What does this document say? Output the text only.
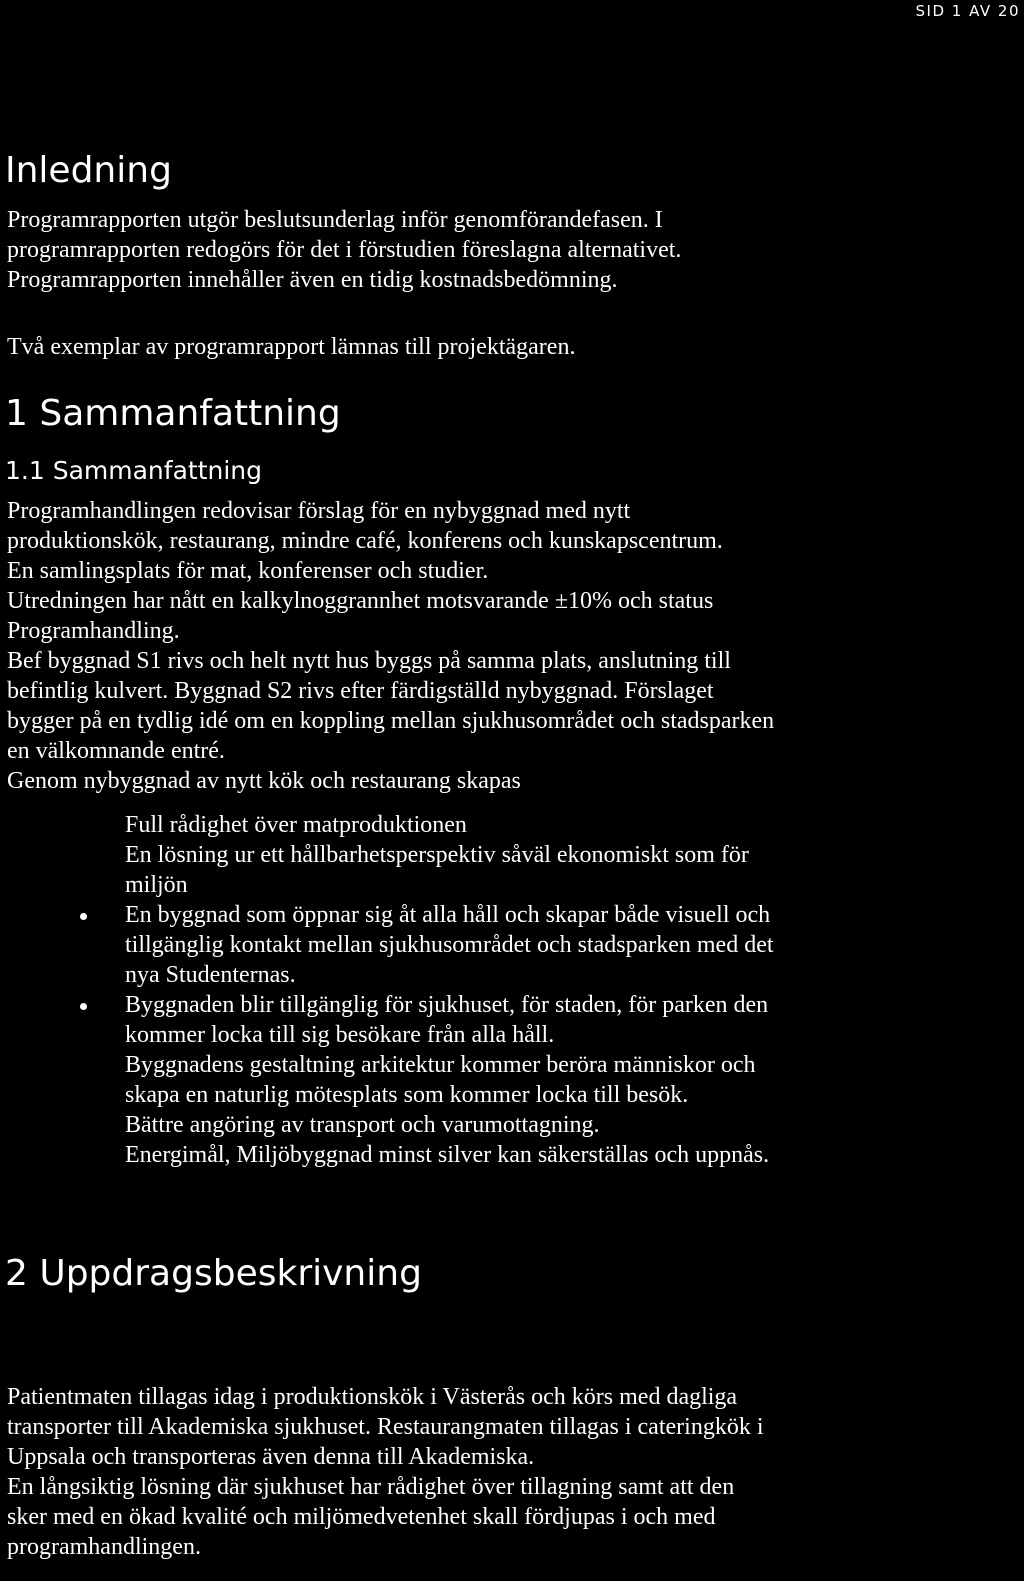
SID 1 AV 20
Inledning
Programrapporten utgör beslutsunderlag inför genomförandefasen. I
programrapporten redogörs för det i förstudien föreslagna alternativet.
Programrapporten innehåller även en tidig kostnadsbedömning.
Två exemplar av programrapport lämnas till projektägaren.
1 Sammanfattning
1.1 Sammanfattning
Programhandlingen redovisar förslag för en nybyggnad med nytt
produktionskök, restaurang, mindre café, konferens och kunskapscentrum.
En samlingsplats för mat, konferenser och studier.
Utredningen har nått en kalkylnoggrannhet motsvarande ±10% och status
Programhandling.
Bef byggnad S1 rivs och helt nytt hus byggs på samma plats, anslutning till
befintlig kulvert. Byggnad S2 rivs efter färdigställd nybyggnad. Förslaget
bygger på en tydlig idé om en koppling mellan sjukhusområdet och stadsparken
en välkomnande entré.
Genom nybyggnad av nytt kök och restaurang skapas
Full rådighet över matproduktionen
En lösning ur ett hållbarhetsperspektiv såväl ekonomiskt som för
miljön
En byggnad som öppnar sig åt alla håll och skapar både visuell och
tillgänglig kontakt mellan sjukhusområdet och stadsparken med det
nya Studenternas.
Byggnaden blir tillgänglig för sjukhuset, för staden, för parken den
kommer locka till sig besökare från alla håll.
Byggnadens gestaltning arkitektur kommer beröra människor och
skapa en naturlig mötesplats som kommer locka till besök.
Bättre angöring av transport och varumottagning.
Energimål, Miljöbyggnad minst silver kan säkerställas och uppnås.
2 Uppdragsbeskrivning
Patientmaten tillagas idag i produktionskök i Västerås och körs med dagliga
transporter till Akademiska sjukhuset. Restaurangmaten tillagas i cateringkök i
Uppsala och transporteras även denna till Akademiska.
En långsiktig lösning där sjukhuset har rådighet över tillagning samt att den
sker med en ökad kvalité och miljömedvetenhet skall fördjupas i och med
programhandlingen.
